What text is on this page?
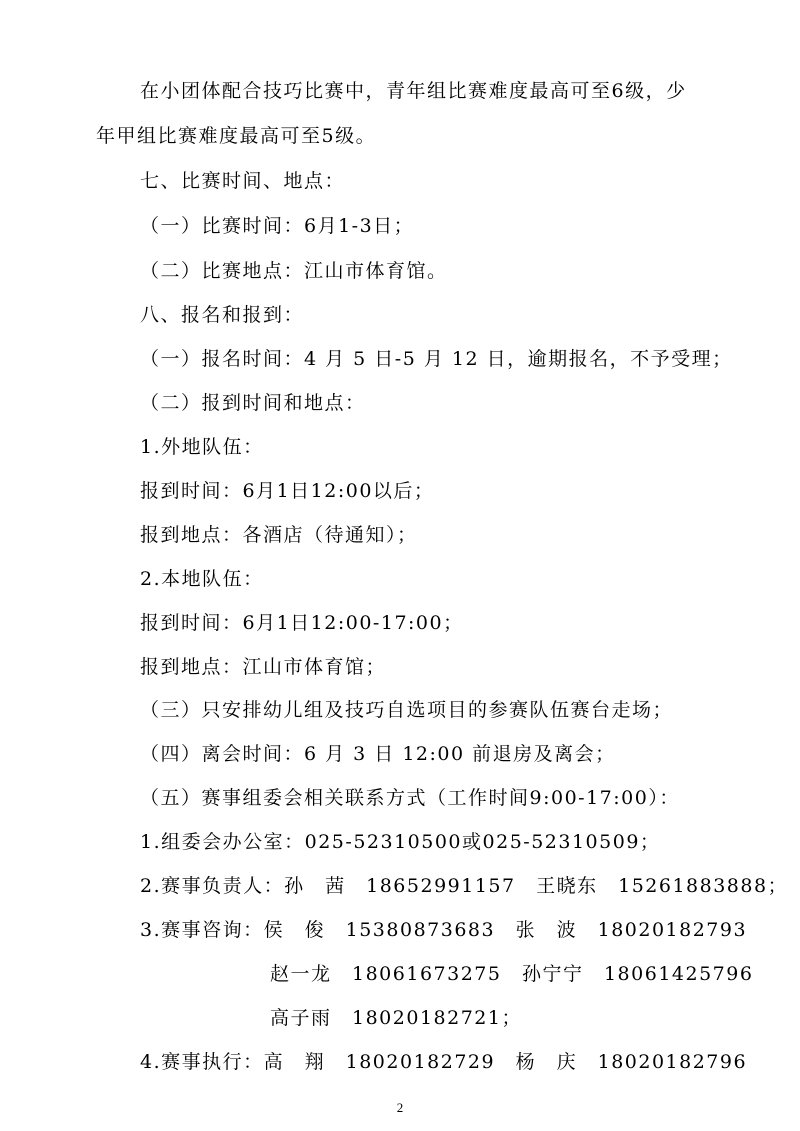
在小团体配合技巧比赛中，青年组比赛难度最高可至6级，少
年甲组比赛难度最高可至5级。
七、比赛时间、地点：
（一）比赛时间：6月1-3日；
（二）比赛地点：江山市体育馆。
八、报名和报到：
（一）报名时间：4 月 5 日-5 月 12 日，逾期报名，不予受理；
（二）报到时间和地点：
1.外地队伍：
报到时间：6月1日12:00以后；
报到地点：各酒店（待通知）；
2.本地队伍：
报到时间：6月1日12:00-17:00；
报到地点：江山市体育馆；
（三）只安排幼儿组及技巧自选项目的参赛队伍赛台走场；
（四）离会时间：6 月 3 日 12:00 前退房及离会；
（五）赛事组委会相关联系方式（工作时间9:00-17:00）：
1.组委会办公室：025-52310500或025-52310509；
2.赛事负责人：孙　茜　18652991157　王晓东　15261883888；
3.赛事咨询：侯　俊　15380873683　张　波　18020182793
赵一龙　18061673275　孙宁宁　18061425796
高子雨　18020182721；
4.赛事执行：高　翔　18020182729　杨　庆　18020182796
2
